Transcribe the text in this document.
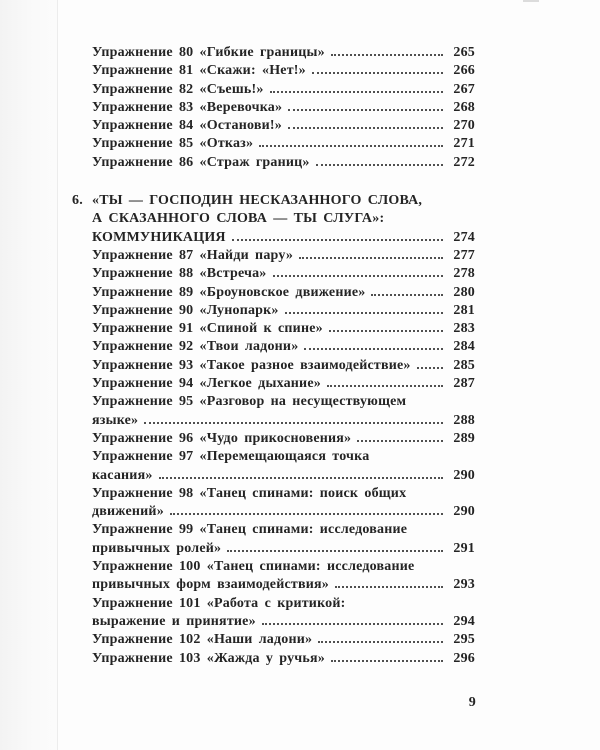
Упражнение 80 «Гибкие границы»	265
Упражнение 81 «Скажи: «Нет!»	266
Упражнение 82 «Съешь!»	267
Упражнение 83 «Веревочка»	268
Упражнение 84 «Останови!»	270
Упражнение 85 «Отказ»	271
Упражнение 86 «Страж границ»	272
6. «ТЫ — ГОСПОДИН НЕСКАЗАННОГО СЛОВА,
А СКАЗАННОГО СЛОВА — ТЫ СЛУГА»:
КОММУНИКАЦИЯ	274
Упражнение 87 «Найди пару»	277
Упражнение 88 «Встреча»	278
Упражнение 89 «Броуновское движение»	280
Упражнение 90 «Лунопарк»	281
Упражнение 91 «Спиной к спине»	283
Упражнение 92 «Твои ладони»	284
Упражнение 93 «Такое разное взаимодействие»	285
Упражнение 94 «Легкое дыхание»	287
Упражнение 95 «Разговор на несуществующем
языке»	288
Упражнение 96 «Чудо прикосновения»	289
Упражнение 97 «Перемещающаяся точка
касания»	290
Упражнение 98 «Танец спинами: поиск общих
движений»	290
Упражнение 99 «Танец спинами: исследование
привычных ролей»	291
Упражнение 100 «Танец спинами: исследование
привычных форм взаимодействия»	293
Упражнение 101 «Работа с критикой:
выражение и принятие»	294
Упражнение 102 «Наши ладони»	295
Упражнение 103 «Жажда у ручья»	296
9
